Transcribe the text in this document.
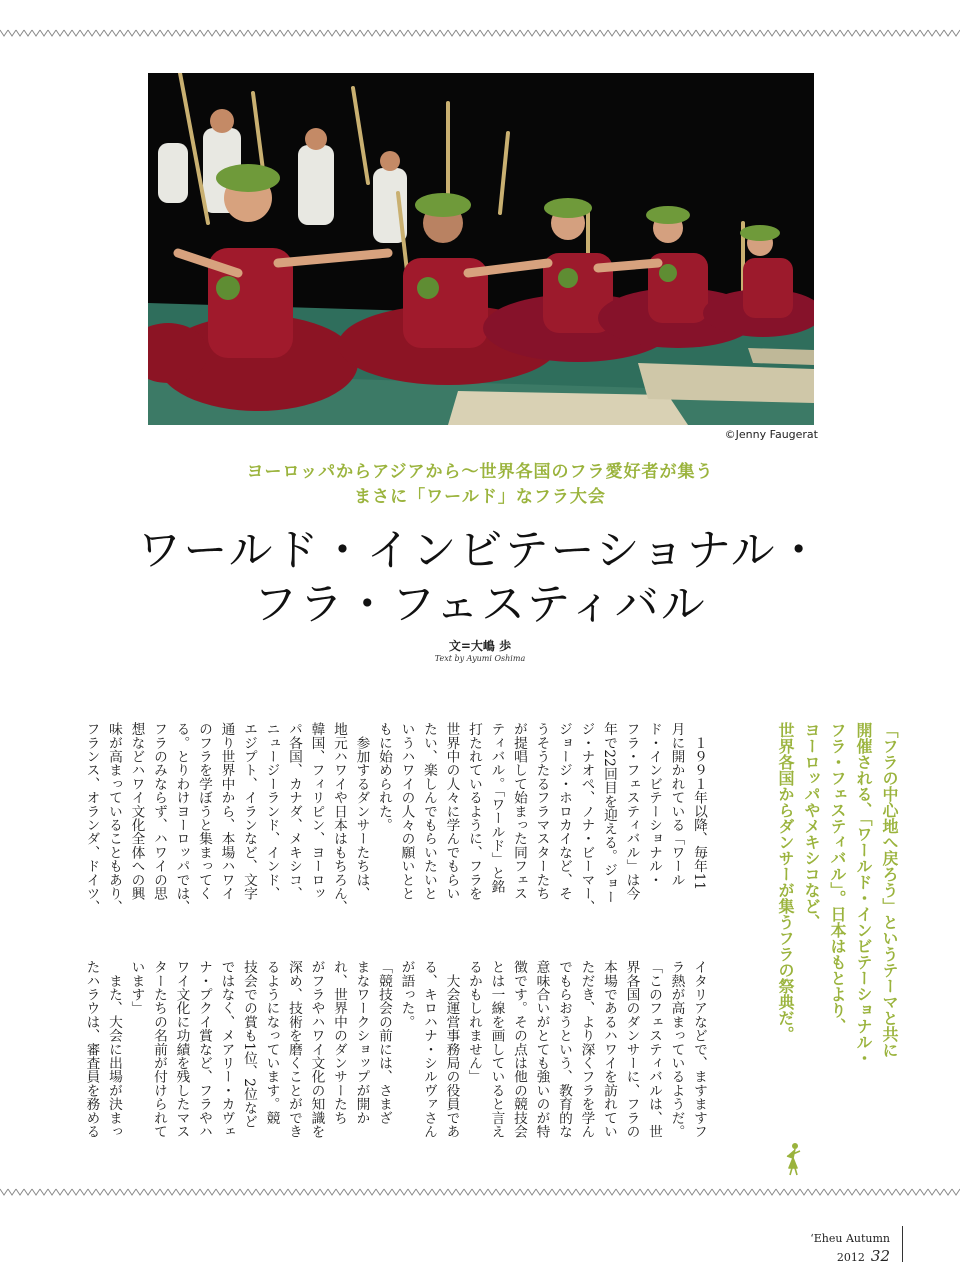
©Jenny Faugerat
ヨーロッパからアジアから〜世界各国のフラ愛好者が集う
まさに「ワールド」なフラ大会
ワールド・インビテーショナル・
フラ・フェスティバル
文=大嶋 歩
Text by Ayumi Oshima
「フラの中心地へ戻ろう」というテーマと共に
開催される、「ワールド・インビテーショナル・
フラ・フェスティバル」。日本はもとより、
ヨーロッパやメキシコなど、
世界各国からダンサーが集うフラの祭典だ。
　１９９１年以降、毎年11
月に開かれている「ワール
ド・インビテーショナル・
フラ・フェスティバル」は今
年で22回目を迎える。ジョー
ジ・ナオペ、ノナ・ビーマー、
ジョージ・ホロカイなど、そ
うそうたるフラマスターたち
が提唱して始まった同フェス
ティバル。「ワールド」と銘
打たれているように、フラを
世界中の人々に学んでもらい
たい、楽しんでもらいたいと
いうハワイの人々の願いとと
もに始められた。
　参加するダンサーたちは、
地元ハワイや日本はもちろん、
韓国、フィリピン、ヨーロッ
パ各国、カナダ、メキシコ、
ニュージーランド、インド、
エジプト、イランなど、文字
通り世界中から、本場ハワイ
のフラを学ぼうと集まってく
る。とりわけヨーロッパでは、
フラのみならず、ハワイの思
想などハワイ文化全体への興
味が高まっていることもあり、
フランス、オランダ、ドイツ、
イタリアなどで、ますますフ
ラ熱が高まっているようだ。
「このフェスティバルは、世
界各国のダンサーに、フラの
本場であるハワイを訪れてい
ただき、より深くフラを学ん
でもらおうという、教育的な
意味合いがとても強いのが特
徴です。その点は他の競技会
とは一線を画していると言え
るかもしれません」
　大会運営事務局の役員であ
る、キロハナ・シルヴァさん
が語った。
「競技会の前には、さまざ
まなワークショップが開か
れ、世界中のダンサーたち
がフラやハワイ文化の知識を
深め、技術を磨くことができ
るようになっています。競
技会での賞も1位、2位など
ではなく、メアリー・カヴェ
ナ・プクイ賞など、フラやハ
ワイ文化に功績を残したマス
ターたちの名前が付けられて
います」
　また、大会に出場が決まっ
たハラウは、審査員を務める
‘Eheu Autumn 2012 32
